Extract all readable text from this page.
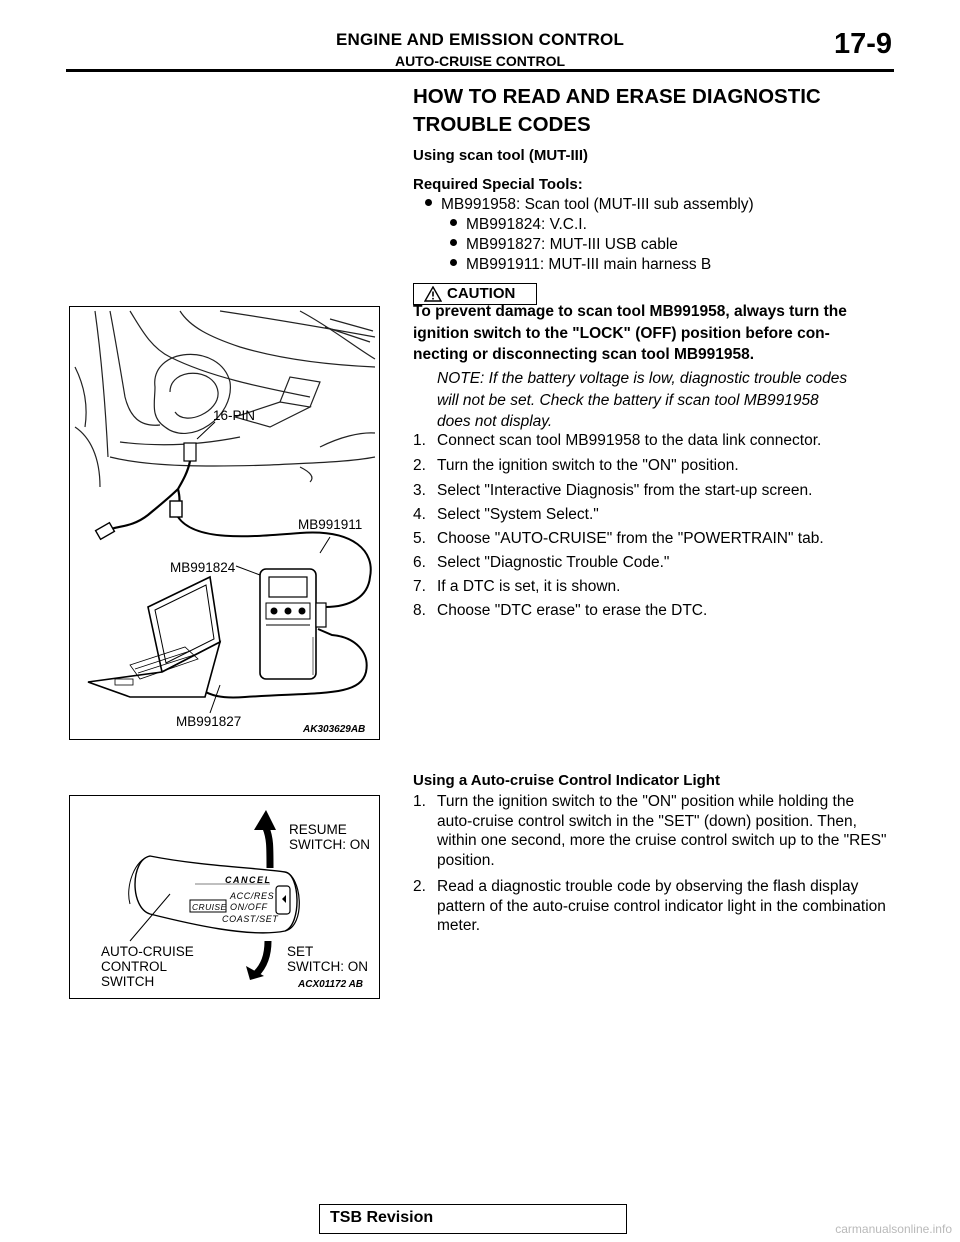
ENGINE AND EMISSION CONTROL
AUTO-CRUISE CONTROL
17-9
HOW TO READ AND ERASE DIAGNOSTIC
TROUBLE CODES
Using scan tool (MUT-III)
Required Special Tools:
MB991958: Scan tool (MUT-III sub assembly)
MB991824: V.C.I.
MB991827: MUT-III USB cable
MB991911: MUT-III main harness B
CAUTION
To prevent damage to scan tool MB991958, always turn the
ignition switch to the "LOCK" (OFF) position before con-
necting or disconnecting scan tool MB991958.
NOTE: If the battery voltage is low, diagnostic trouble codes
will not be set. Check the battery if scan tool MB991958
does not display.
1. Connect scan tool MB991958 to the data link connector.
2. Turn the ignition switch to the "ON" position.
3. Select "Interactive Diagnosis" from the start-up screen.
4. Select "System Select."
5. Choose "AUTO-CRUISE" from the "POWERTRAIN" tab.
6. Select "Diagnostic Trouble Code."
7. If a DTC is set, it is shown.
8. Choose "DTC erase" to erase the DTC.
16-PIN
MB991911
MB991824
MB991827
AK303629AB
Using a Auto-cruise Control Indicator Light
1. Turn the ignition switch to the "ON" position while holding the auto-cruise control switch in the "SET" (down) position. Then, within one second, more the cruise control switch up to the "RES" position.
2. Read a diagnostic trouble code by observing the flash display pattern of the auto-cruise control indicator light in the combination meter.
CANCEL
ACC/RES
CRUISE ON/OFF
COAST/SET
RESUME
SWITCH: ON
SET
SWITCH: ON
AUTO-CRUISE
CONTROL
SWITCH	ACX01172 AB
TSB Revision
carmanualsonline.info
